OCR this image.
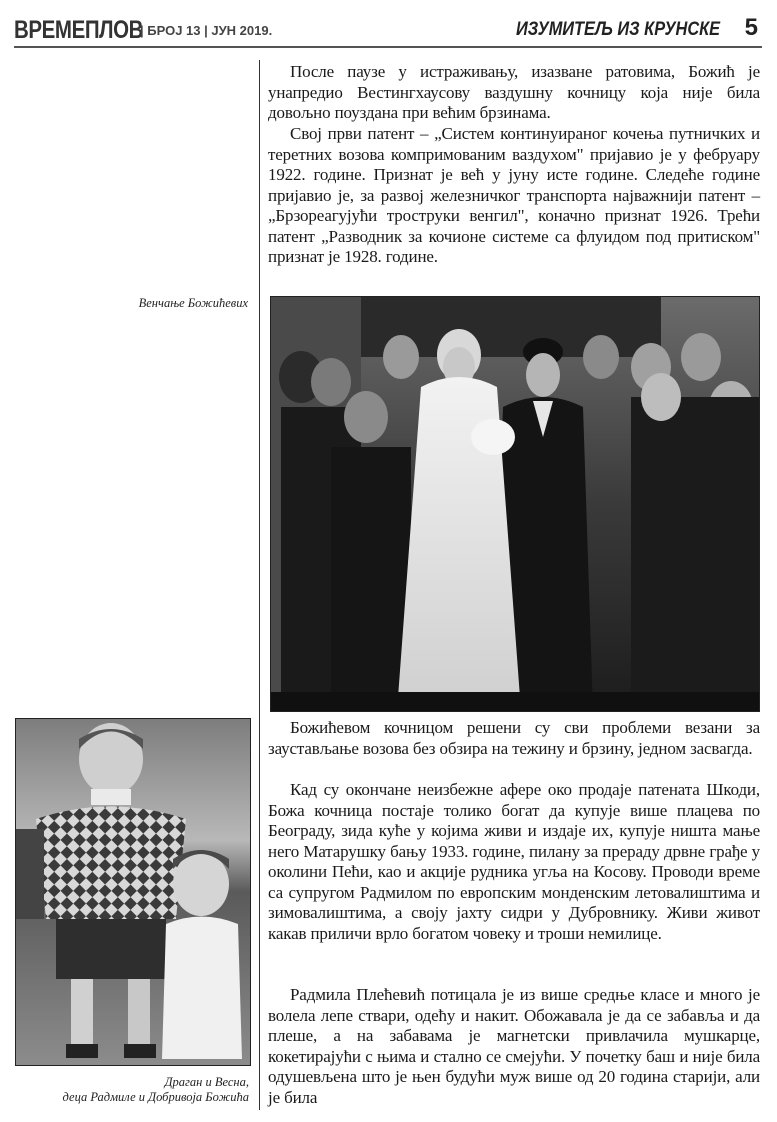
ВРЕМЕПЛОВ
| БРОЈ 13 | ЈУН 2019.	ИЗУМИТЕЉ ИЗ КРУНСКЕ 5

После паузе у истраживању, изазване ратовима, Божић је унапредио Вестингхаусову ваздушну кочницу која није била довољно поуздана при већим брзинама.

Свој први патент – „Систем континуираног кочења путничких и теретних возова компримованим ваздухом" пријавио је у фебруару 1922. године. Признат је већ у јуну исте године. Следеће године пријавио је, за развој железничког транспорта најважнији патент – „Брзореагујући троструки венгил", коначно признат 1926. Трећи патент „Разводник за кочионе системе са флуидом под притиском" признат је 1928. године.

Венчање Божићевих

Божићевом кочницом решени су сви проблеми везани за заустављање возова без обзира на тежину и брзину, једном засвагда.

Кад су окончане неизбежне афере око продаје патената Шкоди, Божа кочница постаје толико богат да купује више плацева по Београду, зида куће у којима живи и издаје их, купује ништа мање него Матарушку бању 1933. године, пилану за прераду дрвне грађе у околини Пећи, као и акције рудника угља на Косову. Проводи време са супругом Радмилом по европским монденским летовалиштима и зимовалиштима, а своју јахту сидри у Дубровнику. Живи живот какав приличи врло богатом човеку и троши немилице.

Радмила Плећевић потицала је из више средње класе и много је волела лепе ствари, одећу и накит. Обожавала је да се забавља и да плеше, а на забавама је магнетски привлачила мушкарце, кокетирајући с њима и стално се смејући. У почетку баш и није била одушевљена што је њен будући муж више од 20 година старији, али је била

Драган и Весна,
деца Радмиле и Добривоја Божића
